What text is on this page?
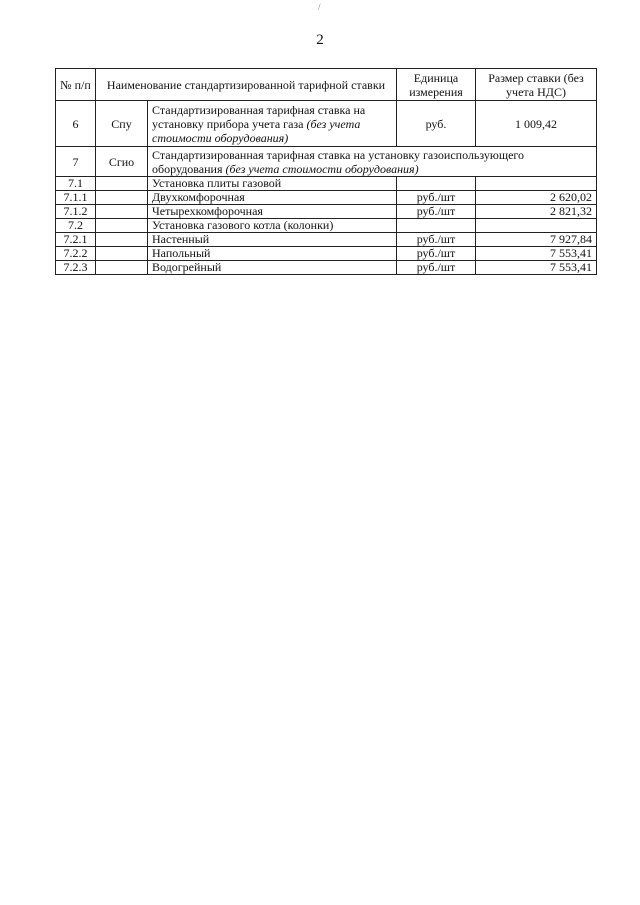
/
2
№ п/п	Наименование стандартизированной тарифной ставки		Единица измерения	Размер ставки (без учета НДС)
6	Спу	Стандартизированная тарифная ставка на установку прибора учета газа (без учета стоимости оборудования)	руб.	1 009,42
7	Сгио	Стандартизированная тарифная ставка на установку газоиспользующего оборудования (без учета стоимости оборудования)		
7.1		Установка плиты газовой		
7.1.1		Двухкомфорочная	руб./шт	2 620,02
7.1.2		Четырехкомфорочная	руб./шт	2 821,32
7.2		Установка газового котла (колонки)		
7.2.1		Настенный	руб./шт	7 927,84
7.2.2		Напольный	руб./шт	7 553,41
7.2.3		Водогрейный	руб./шт	7 553,41
